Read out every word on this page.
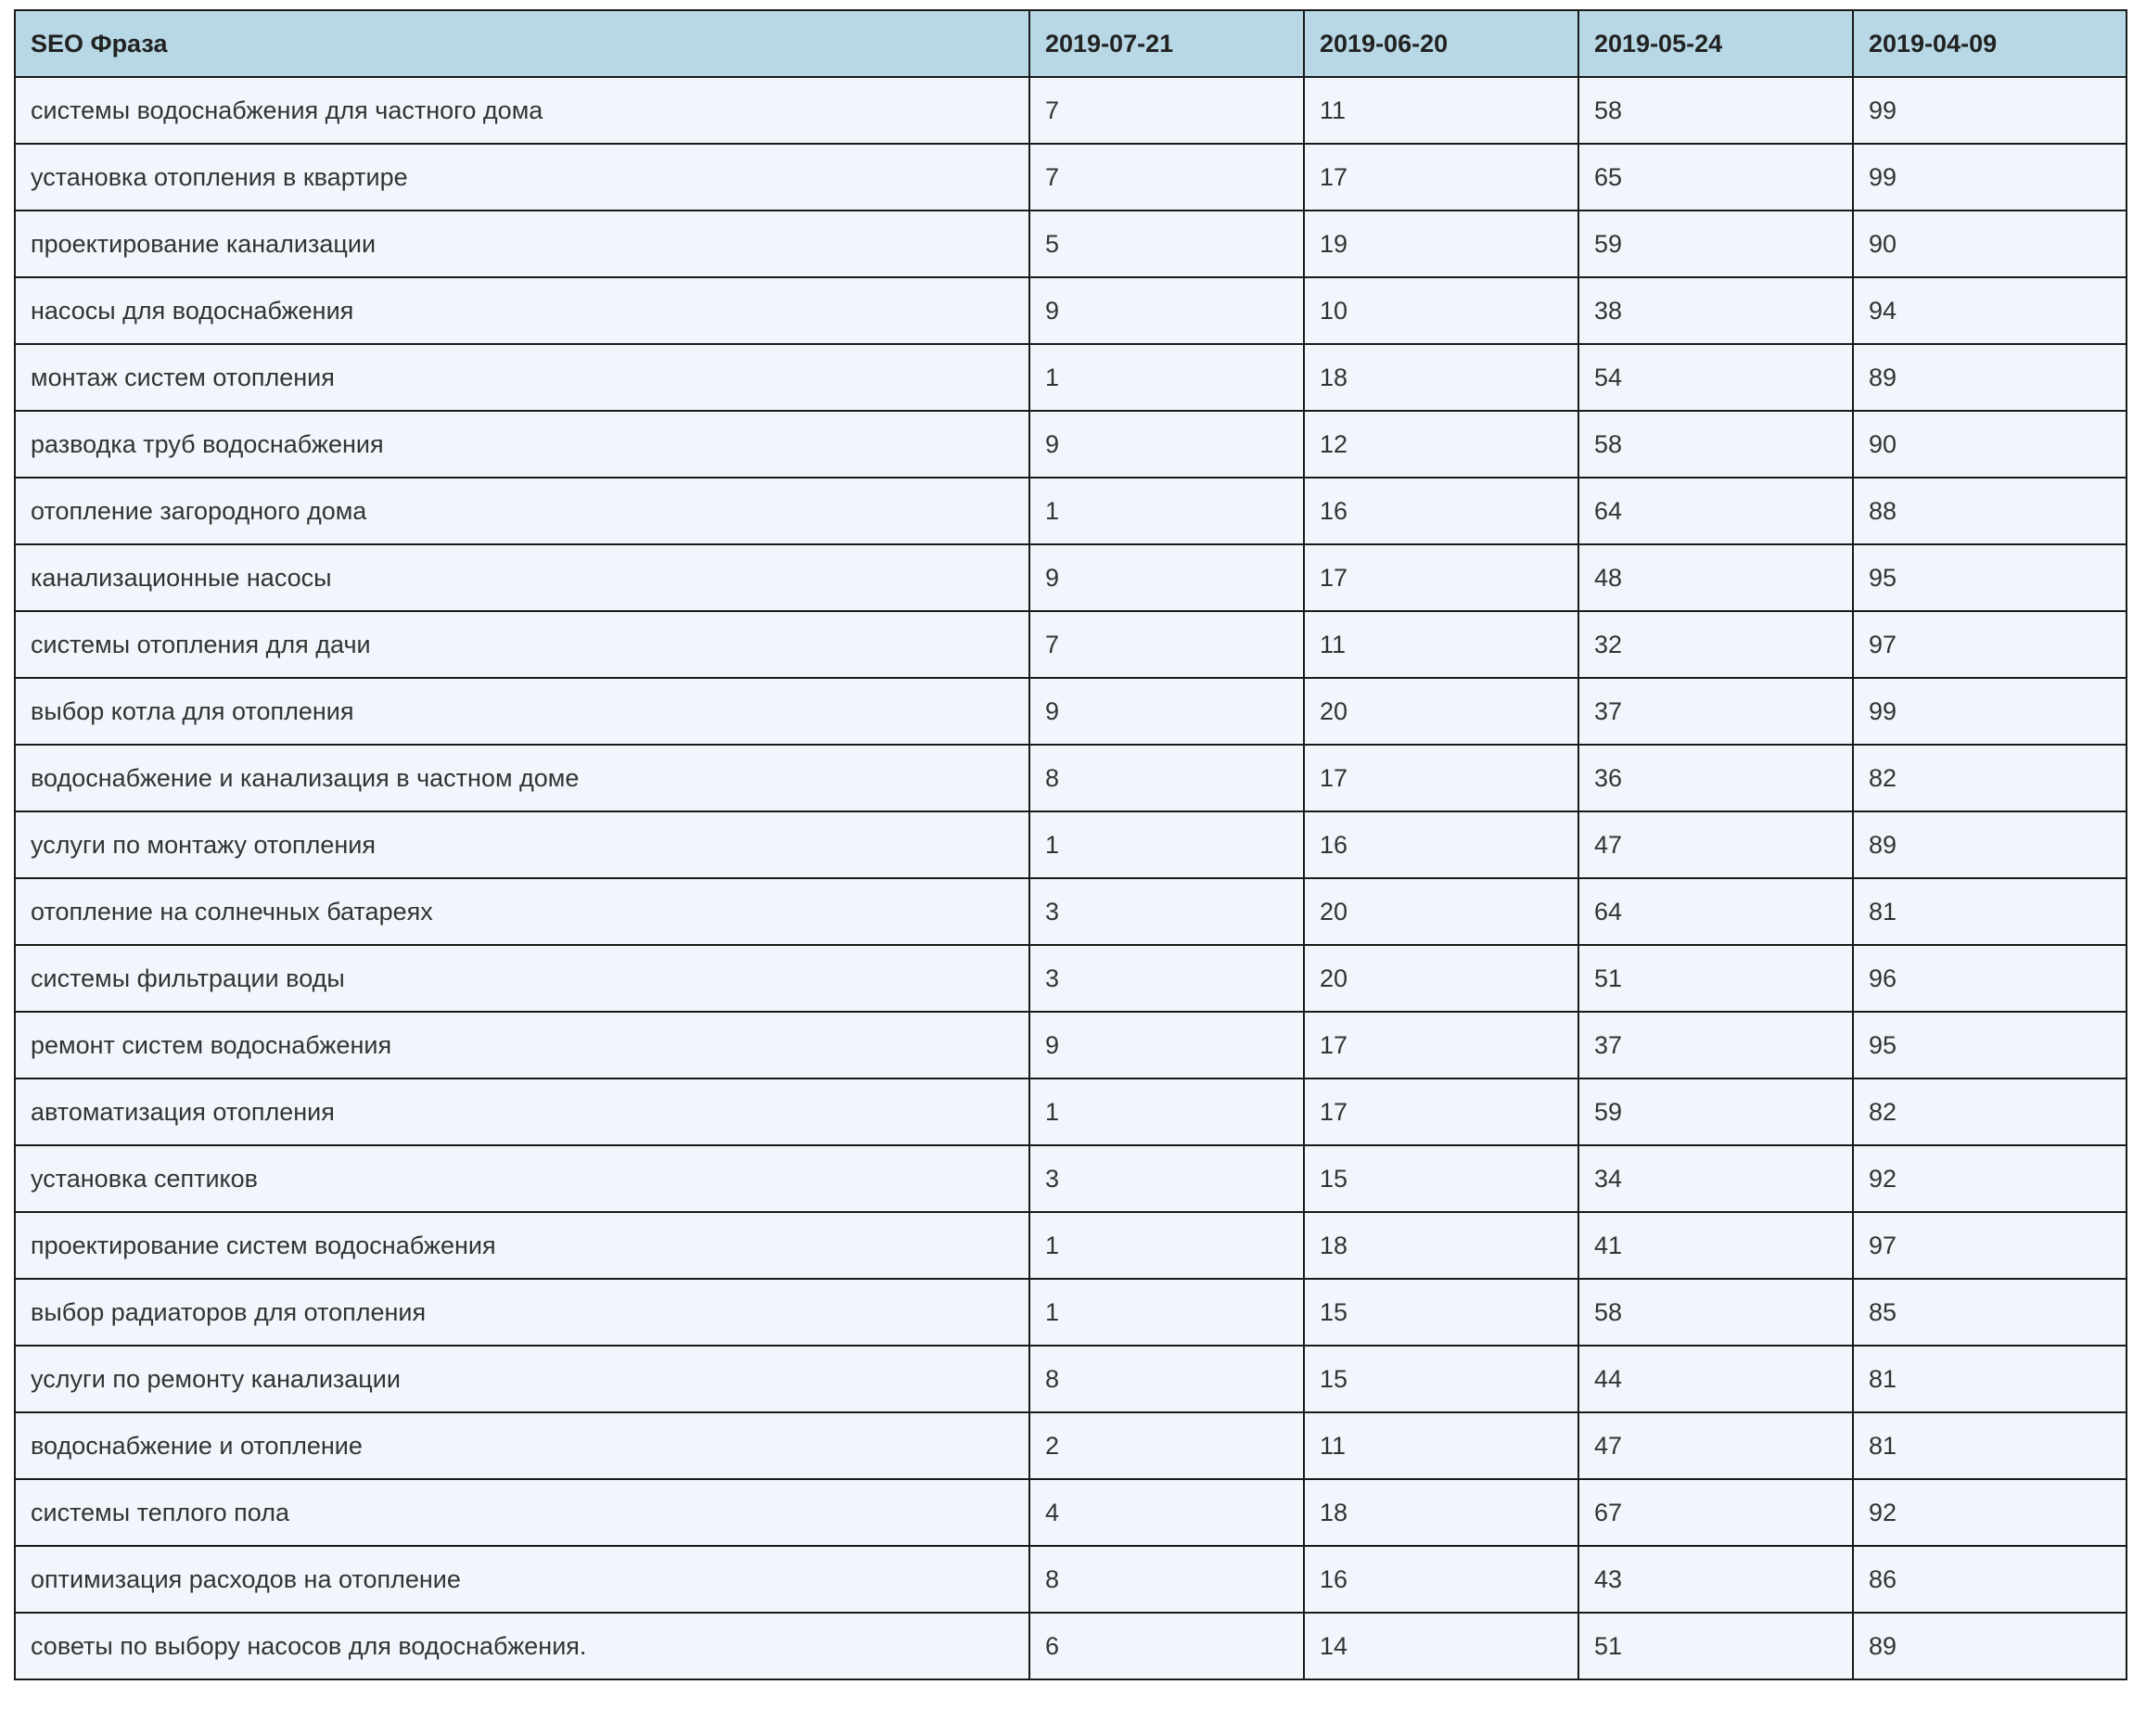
SEO Фраза	2019-07-21	2019-06-20	2019-05-24	2019-04-09
системы водоснабжения для частного дома	7	11	58	99
установка отопления в квартире	7	17	65	99
проектирование канализации	5	19	59	90
насосы для водоснабжения	9	10	38	94
монтаж систем отопления	1	18	54	89
разводка труб водоснабжения	9	12	58	90
отопление загородного дома	1	16	64	88
канализационные насосы	9	17	48	95
системы отопления для дачи	7	11	32	97
выбор котла для отопления	9	20	37	99
водоснабжение и канализация в частном доме	8	17	36	82
услуги по монтажу отопления	1	16	47	89
отопление на солнечных батареях	3	20	64	81
системы фильтрации воды	3	20	51	96
ремонт систем водоснабжения	9	17	37	95
автоматизация отопления	1	17	59	82
установка септиков	3	15	34	92
проектирование систем водоснабжения	1	18	41	97
выбор радиаторов для отопления	1	15	58	85
услуги по ремонту канализации	8	15	44	81
водоснабжение и отопление	2	11	47	81
системы теплого пола	4	18	67	92
оптимизация расходов на отопление	8	16	43	86
советы по выбору насосов для водоснабжения.	6	14	51	89
